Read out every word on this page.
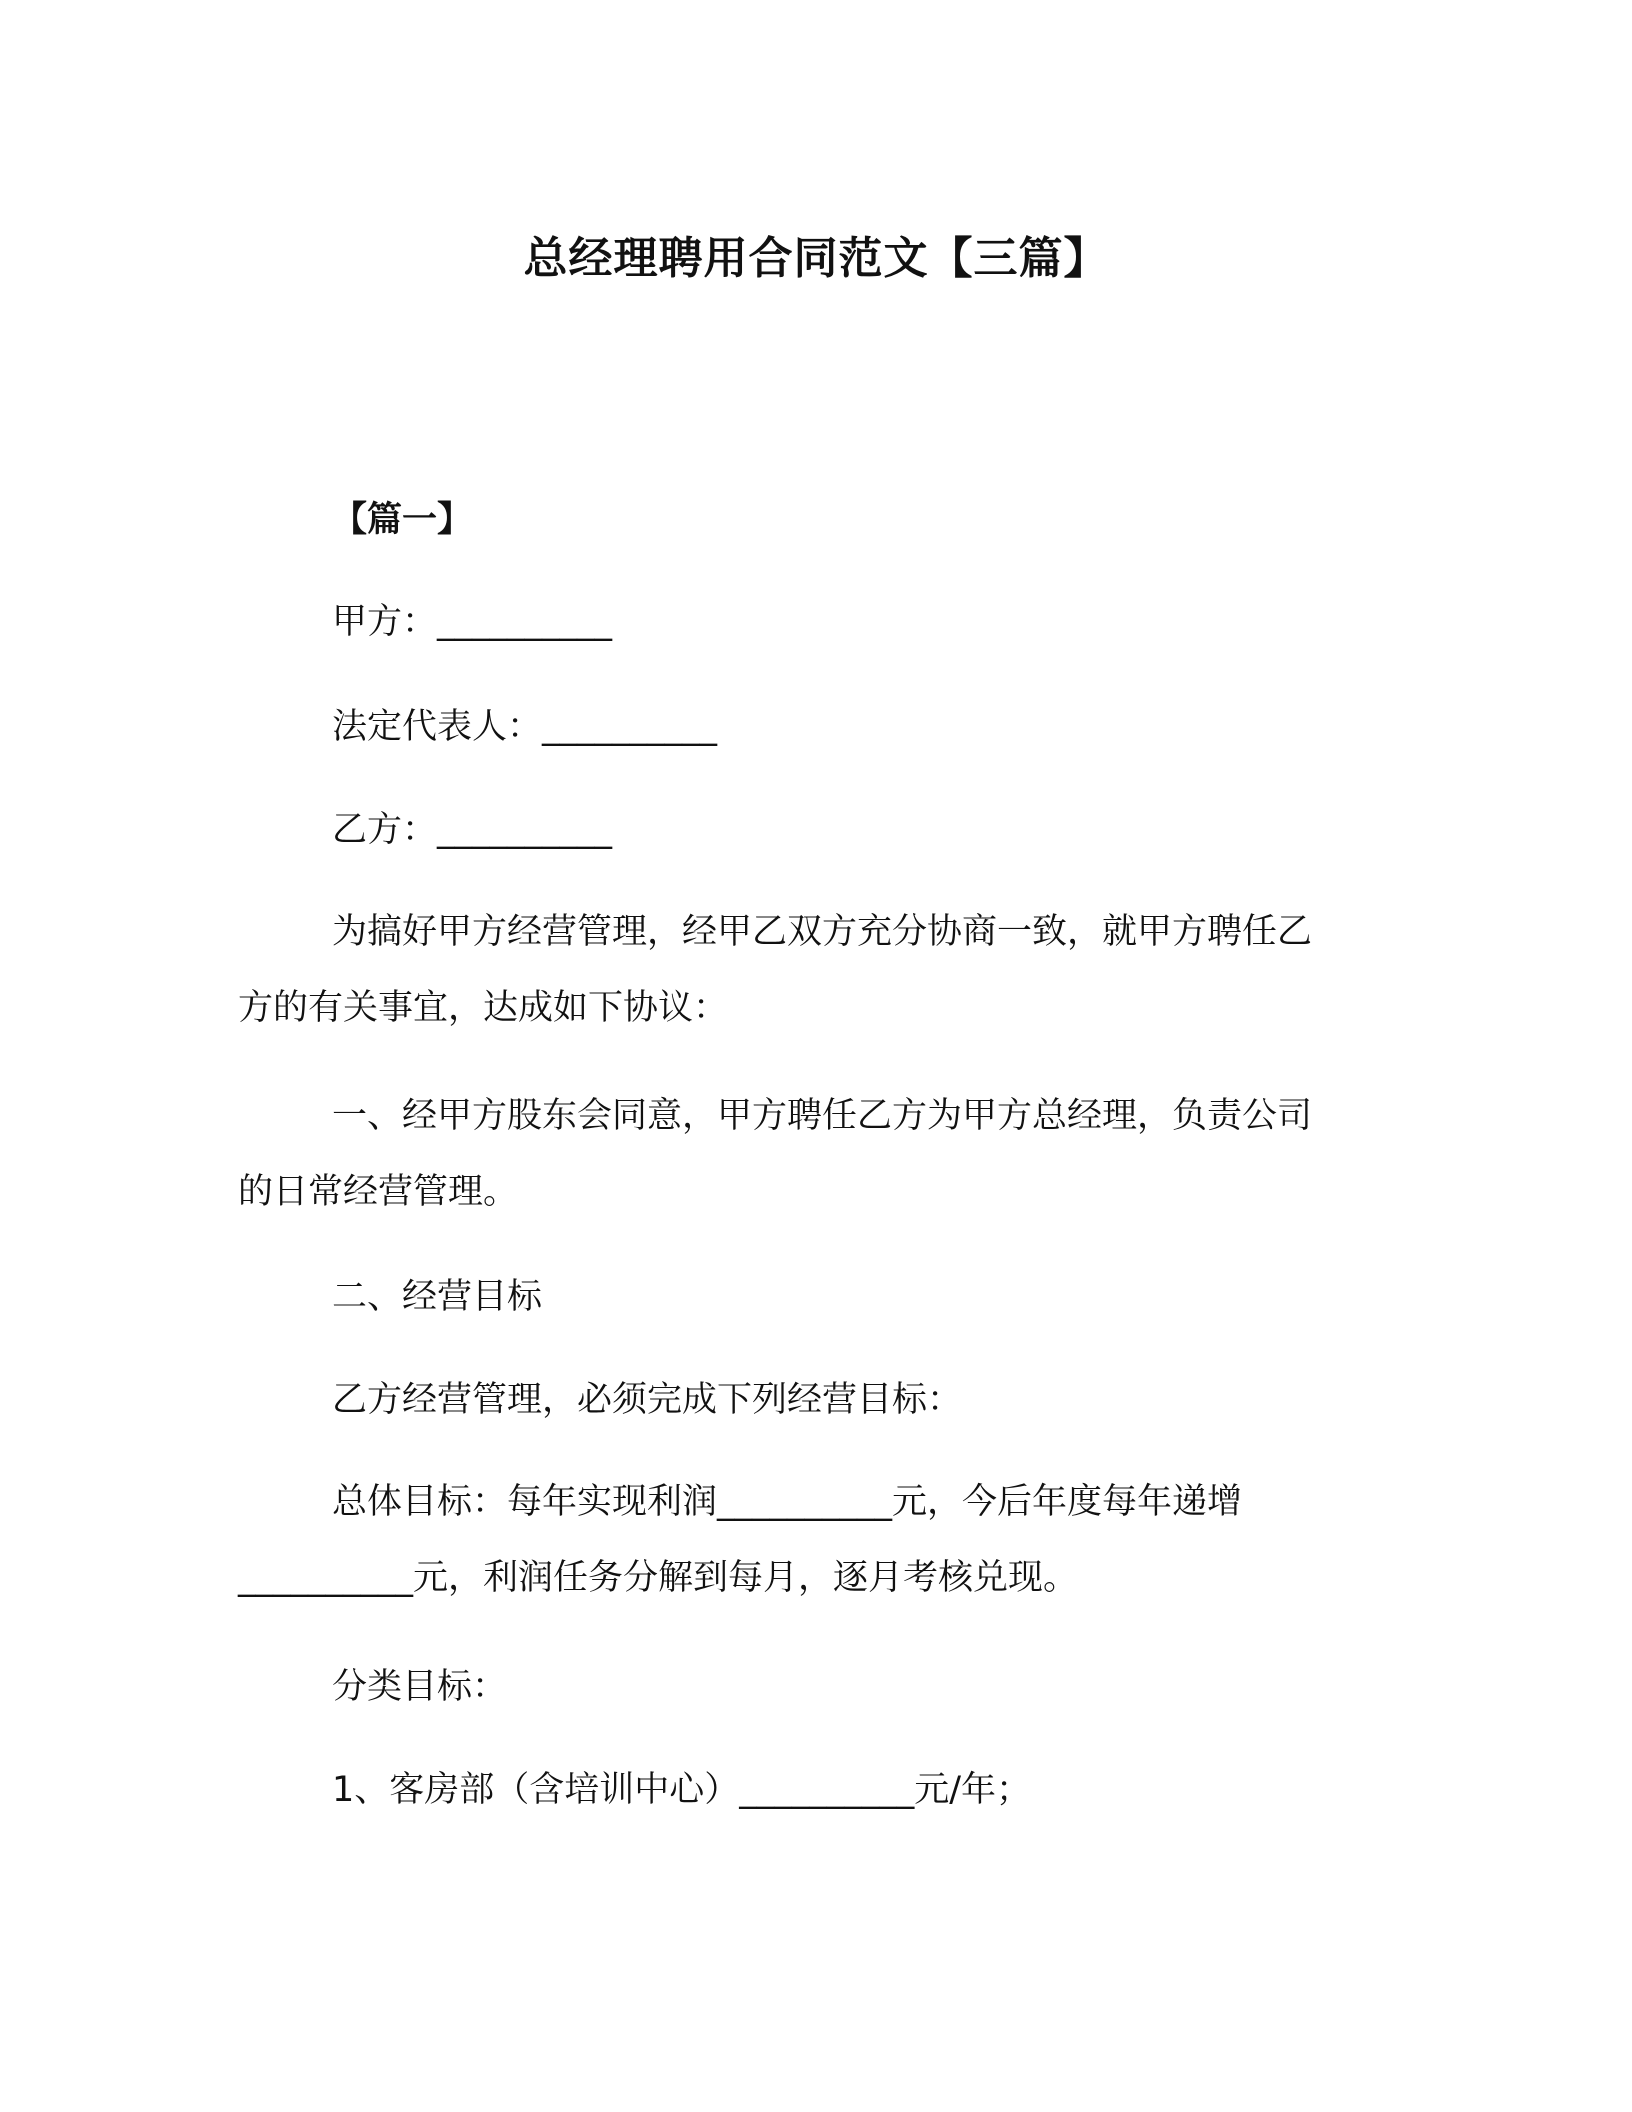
总经理聘用合同范文【三篇】
【篇一】
甲方：__________
法定代表人：__________
乙方：__________
为搞好甲方经营管理，经甲乙双方充分协商一致，就甲方聘任乙
方的有关事宜，达成如下协议：
一、经甲方股东会同意，甲方聘任乙方为甲方总经理，负责公司
的日常经营管理。
二、经营目标
乙方经营管理，必须完成下列经营目标：
总体目标：每年实现利润__________元，今后年度每年递增
__________元，利润任务分解到每月，逐月考核兑现。
分类目标：
1、客房部（含培训中心）__________元/年；
